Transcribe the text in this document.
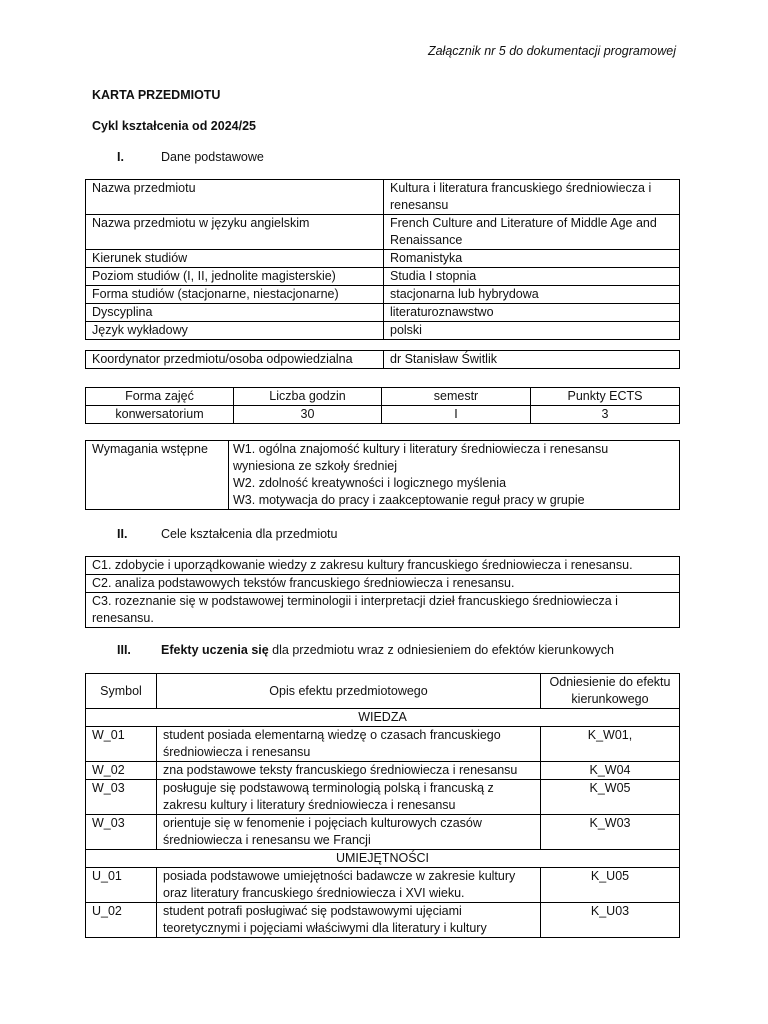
Załącznik nr 5 do dokumentacji programowej
KARTA PRZEDMIOTU
Cykl kształcenia od 2024/25
I.	Dane podstawowe
Nazwa przedmiotu	Kultura i literatura francuskiego średniowiecza i renesansu
Nazwa przedmiotu w języku angielskim	French Culture and Literature of Middle Age and Renaissance
Kierunek studiów	Romanistyka
Poziom studiów (I, II, jednolite magisterskie)	Studia I stopnia
Forma studiów (stacjonarne, niestacjonarne)	stacjonarna lub hybrydowa
Dyscyplina	literaturoznawstwo
Język wykładowy	polski
Koordynator przedmiotu/osoba odpowiedzialna	dr Stanisław Świtlik
Forma zajęć	Liczba godzin	semestr	Punkty ECTS
konwersatorium	30	I	3
Wymagania wstępne	W1. ogólna znajomość kultury i literatury średniowiecza i renesansu wyniesiona ze szkoły średniej
W2. zdolność kreatywności i logicznego myślenia
W3. motywacja do pracy i zaakceptowanie reguł pracy w grupie
II.	Cele kształcenia dla przedmiotu
C1. zdobycie i uporządkowanie wiedzy z zakresu kultury francuskiego średniowiecza i renesansu.
C2. analiza podstawowych tekstów francuskiego średniowiecza i renesansu.
C3. rozeznanie się w podstawowej terminologii i interpretacji dzieł francuskiego średniowiecza i renesansu.
III. Efekty uczenia się dla przedmiotu wraz z odniesieniem do efektów kierunkowych
Symbol	Opis efektu przedmiotowego	Odniesienie do efektu kierunkowego
WIEDZA		
W_01	student posiada elementarną wiedzę o czasach francuskiego średniowiecza i renesansu	K_W01,
W_02	zna podstawowe teksty francuskiego średniowiecza i renesansu	K_W04
W_03	posługuje się podstawową terminologią polską i francuską z zakresu kultury i literatury średniowiecza i renesansu	K_W05
W_03	orientuje się w fenomenie i pojęciach kulturowych czasów średniowiecza i renesansu we Francji	K_W03
UMIEJĘTNOŚCI		
U_01	posiada podstawowe umiejętności badawcze w zakresie kultury oraz literatury francuskiego średniowiecza i XVI wieku.	K_U05
U_02	student potrafi posługiwać się podstawowymi ujęciami teoretycznymi i pojęciami właściwymi dla literatury i kultury	K_U03
